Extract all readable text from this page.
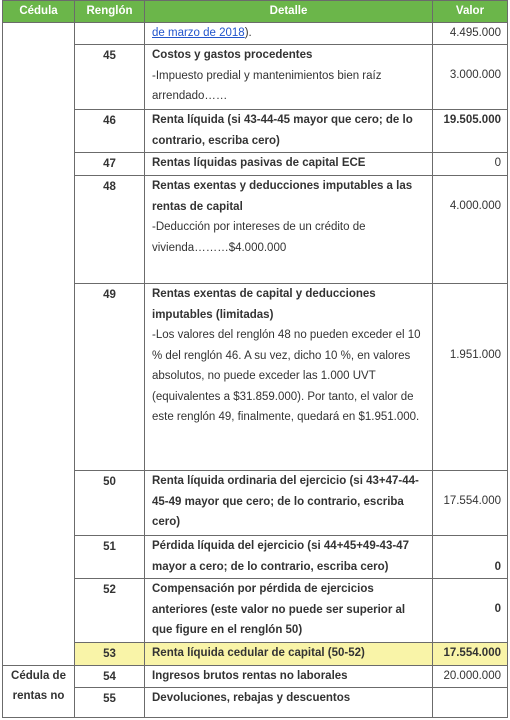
Cédula	Renglón	Detalle	Valor
		de marzo de 2018).	4.495.000
	45	Costos y gastos procedentes
-Impuesto predial y mantenimientos bien raíz arrendado……	3.000.000
	46	Renta líquida (si 43-44-45 mayor que cero; de lo contrario, escriba cero)	19.505.000
	47	Rentas líquidas pasivas de capital ECE	0
	48	Rentas exentas y deducciones imputables a las rentas de capital
-Deducción por intereses de un crédito de vivienda………$4.000.000	4.000.000
	49	Rentas exentas de capital y deducciones imputables (limitadas)
-Los valores del renglón 48 no pueden exceder el 10 % del renglón 46. A su vez, dicho 10 %, en valores absolutos, no puede exceder las 1.000 UVT (equivalentes a $31.859.000). Por tanto, el valor de este renglón 49, finalmente, quedará en $1.951.000.	1.951.000
	50	Renta líquida ordinaria del ejercicio (si 43+47-44-45-49 mayor que cero; de lo contrario, escriba cero)	17.554.000
	51	Pérdida líquida del ejercicio (si 44+45+49-43-47 mayor a cero; de lo contrario, escriba cero)	0
	52	Compensación por pérdida de ejercicios anteriores (este valor no puede ser superior al que figure en el renglón 50)	0
	53	Renta líquida cedular de capital (50-52)	17.554.000
Cédula de rentas no	54	Ingresos brutos rentas no laborales	20.000.000
	55	Devoluciones, rebajas y descuentos	
